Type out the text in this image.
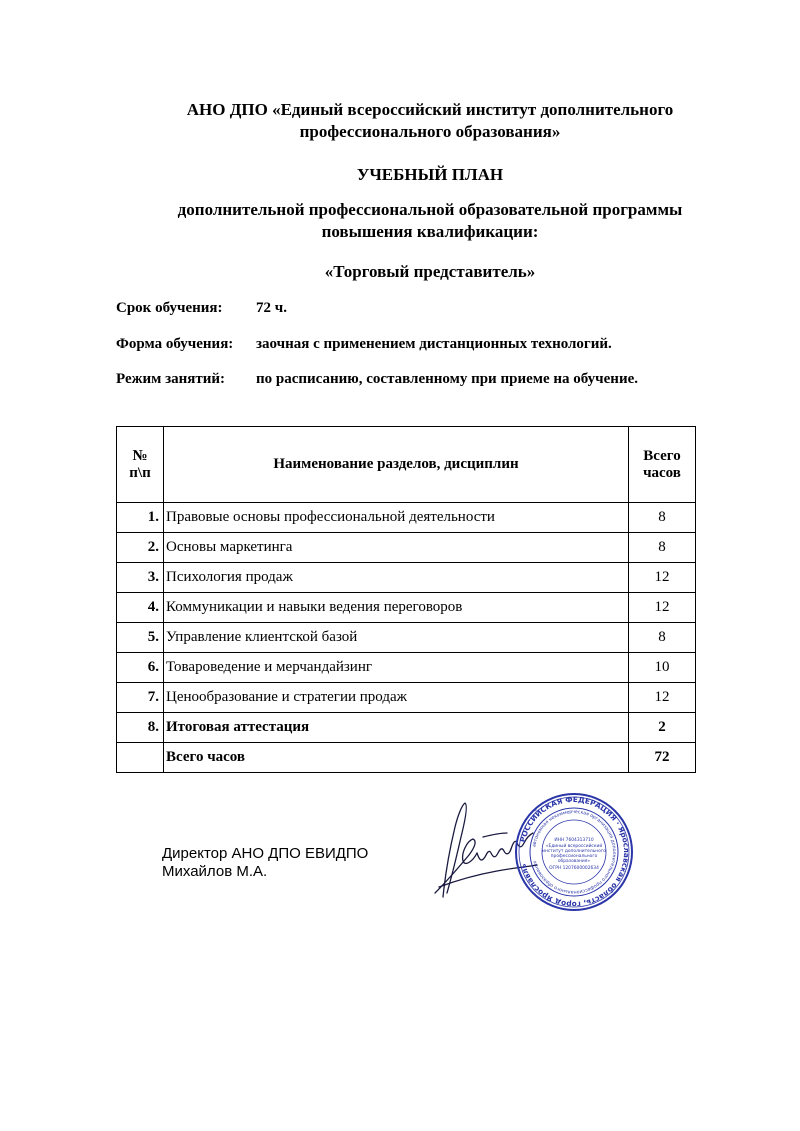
АНО ДПО «Единый всероссийский институт дополнительного
профессионального образования»
УЧЕБНЫЙ ПЛАН
дополнительной профессиональной образовательной программы
повышения квалификации:
«Торговый представитель»
Срок обучения: 72 ч.
Форма обучения: заочная с применением дистанционных технологий.
Режим занятий: по расписанию, составленному при приеме на обучение.
№ п\п	Наименование разделов, дисциплин	Всего
часов

1.	Правовые основы профессиональной деятельности	8
2.	Основы маркетинга	8
3.	Психология продаж	12
4.	Коммуникации и навыки ведения переговоров	12
5.	Управление клиентской базой	8
6.	Товароведение и мерчандайзинг	10
7.	Ценообразование и стратегии продаж	12
8.	Итоговая аттестация	2
	Всего часов	72
Директор АНО ДПО ЕВИДПО
Михайлов М.А.
РОССИЙСКАЯ ФЕДЕРАЦИЯ · Ярославская область, город Ярославль
автономная некоммерческая организация дополнительного профессионального образования
ИНН 7604313710
«Единый всероссийский
институт дополнительного
профессионального
образования»
ОГРН 1207600002634
